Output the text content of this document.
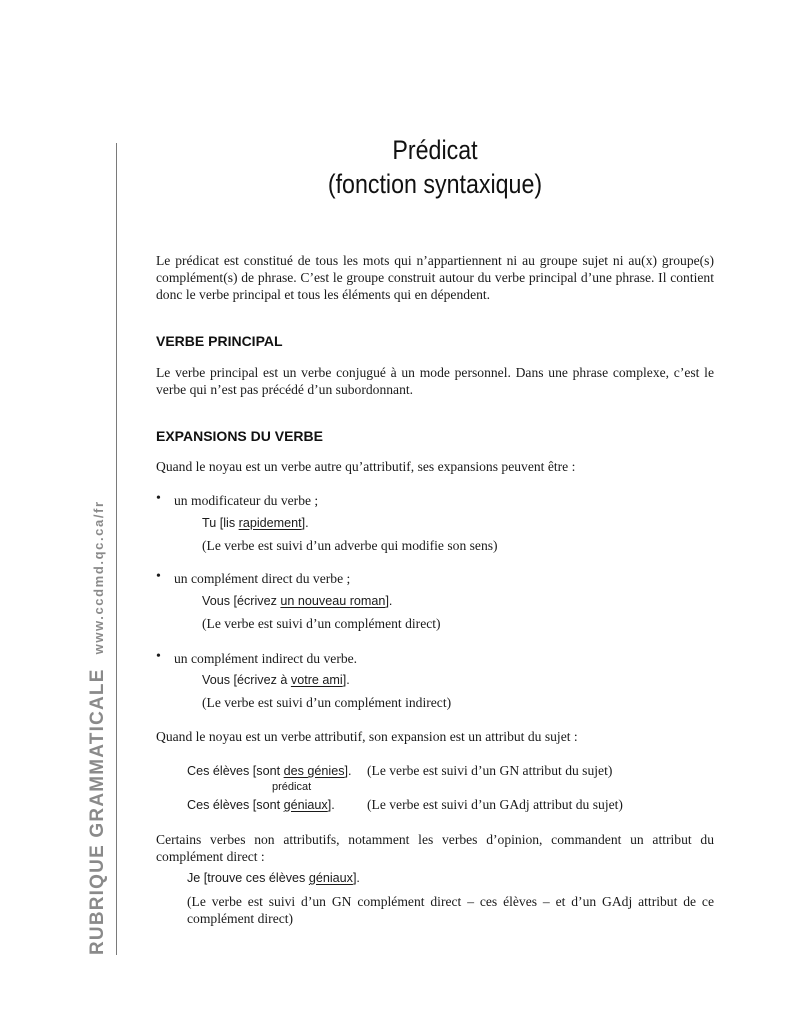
RUBRIQUE GRAMMATICALEwww.ccdmd.qc.ca/fr
Prédicat
(fonction syntaxique)
Le prédicat est constitué de tous les mots qui n’appartiennent ni au groupe sujet ni au(x) groupe(s) complément(s) de phrase. C’est le groupe construit autour du verbe principal d’une phrase. Il contient donc le verbe principal et tous les éléments qui en dépendent.
VERBE PRINCIPAL
Le verbe principal est un verbe conjugué à un mode personnel. Dans une phrase complexe, c’est le verbe qui n’est pas précédé d’un subordonnant.
EXPANSIONS DU VERBE
Quand le noyau est un verbe autre qu’attributif, ses expansions peuvent être :
• un modificateur du verbe ;
Tu [lis rapidement].
(Le verbe est suivi d’un adverbe qui modifie son sens)
• un complément direct du verbe ;
Vous [écrivez un nouveau roman].
(Le verbe est suivi d’un complément direct)
• un complément indirect du verbe.
Vous [écrivez à votre ami].
(Le verbe est suivi d’un complément indirect)
Quand le noyau est un verbe attributif, son expansion est un attribut du sujet :
Ces élèves [sont des génies]. (Le verbe est suivi d’un GN attribut du sujet)
prédicat
Ces élèves [sont géniaux]. (Le verbe est suivi d’un GAdj attribut du sujet)
Certains verbes non attributifs, notamment les verbes d’opinion, commandent un attribut du complément direct :
Je [trouve ces élèves géniaux].
(Le verbe est suivi d’un GN complément direct – ces élèves – et d’un GAdj attribut de ce complément direct)
